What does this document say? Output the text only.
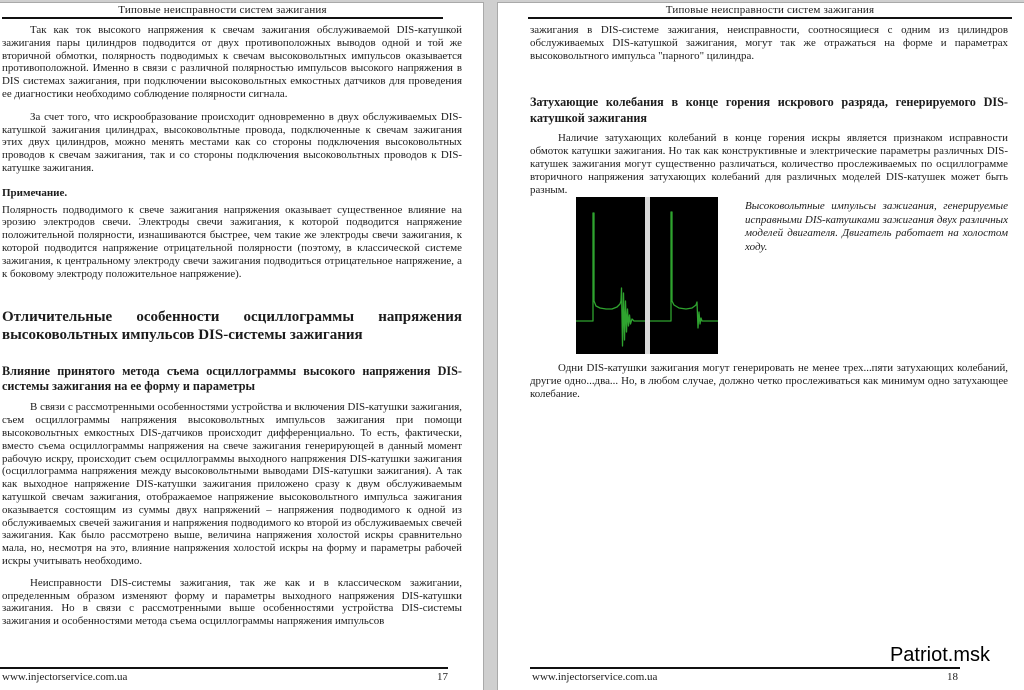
Типовые неисправности систем зажигания

Так как ток высокого напряжения к свечам зажигания обслуживаемой DIS-катушкой зажигания пары цилиндров подводится от двух противоположных выводов одной и той же вторичной обмотки, полярность подводимых к свечам высоковольтных импульсов оказывается противоположной. Именно в связи с различной полярностью импульсов высокого напряжения в DIS системах зажигания, при подключении высоковольтных емкостных датчиков для проведения ее диагностики необходимо соблюдение полярности сигнала.

За счет того, что искрообразование происходит одновременно в двух обслуживаемых DIS-катушкой зажигания цилиндрах, высоковольтные провода, подключенные к свечам зажигания этих двух цилиндров, можно менять местами как со стороны подключения высоковольтных проводов к свечам зажигания, так и со стороны подключения высоковольтных проводов к DIS-катушке зажигания.

Примечание.

Полярность подводимого к свече зажигания напряжения оказывает существенное влияние на эрозию электродов свечи. Электроды свечи зажигания, к которой подводится напряжение положительной полярности, изнашиваются быстрее, чем такие же электроды свечи зажигания, к которой подводится напряжение отрицательной полярности (поэтому, в классической системе зажигания, к центральному электроду свечи зажигания подводиться отрицательное напряжение, а к боковому электроду положительное напряжение).

Отличительные особенности осциллограммы напряжения высоковольтных импульсов DIS-системы зажигания
Влияние принятого метода съема осциллограммы высокого напряжения DIS-системы зажигания на ее форму и параметры

В связи с рассмотренными особенностями устройства и включения DIS-катушки зажигания, съем осциллограммы напряжения высоковольтных импульсов зажигания при помощи высоковольтных емкостных DIS-датчиков происходит дифференциально. То есть, фактически, вместо съема осциллограммы напряжения на свече зажигания генерирующей в данный момент рабочую искру, происходит съем осциллограммы выходного напряжения DIS-катушки зажигания (осциллограмма напряжения между высоковольтными выводами DIS-катушки зажигания). А так как выходное напряжение DIS-катушки зажигания приложено сразу к двум обслуживаемым катушкой свечам зажигания, отображаемое напряжение высоковольтного импульса зажигания оказывается состоящим из суммы двух напряжений – напряжения подводимого к одной из обслуживаемых свечей зажигания и напряжения подводимого ко второй из обслуживаемых свечей зажигания. Как было рассмотрено выше, величина напряжения холостой искры сравнительно мала, но, несмотря на это, влияние напряжения холостой искры на форму и параметры рабочей искры учитывать необходимо.

Неисправности DIS-системы зажигания, так же как и в классическом зажигании, определенным образом изменяют форму и параметры выходного напряжения DIS-катушки зажигания. Но в связи с рассмотренными выше особенностями устройства DIS-системы зажигания и особенностями метода съема осциллограммы напряжения импульсов

www.injectorservice.com.ua	17
Типовые неисправности систем зажигания

зажигания в DIS-системе зажигания, неисправности, соотносящиеся с одним из цилиндров обслуживаемых DIS-катушкой зажигания, могут так же отражаться на форме и параметрах высоковольтного импульса "парного" цилиндра.

Затухающие колебания в конце горения искрового разряда, генерируемого DIS-катушкой зажигания

Наличие затухающих колебаний в конце горения искры является признаком исправности обмоток катушки зажигания. Но так как конструктивные и электрические параметры различных DIS-катушек зажигания могут существенно различаться, количество прослеживаемых по осциллограмме вторичного напряжения затухающих колебаний для различных моделей DIS-катушек может быть разным.

Высоковольтные импульсы зажигания, генерируемые исправными DIS-катушками зажигания двух различных моделей двигателя. Двигатель работает на холостом ходу.

Одни DIS-катушки зажигания могут генерировать не менее трех...пяти затухающих колебаний, другие одно...два... Но, в любом случае, должно четко прослеживаться как минимум одно затухающее колебание.

Patriot.msk
www.injectorservice.com.ua	18
